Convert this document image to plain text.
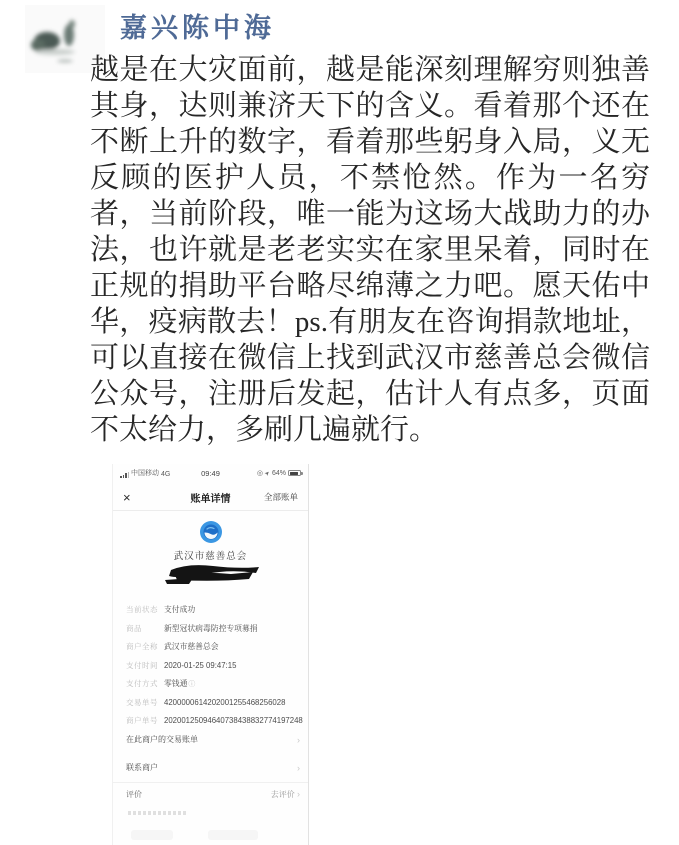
嘉兴陈中海
越是在大灾面前，越是能深刻理解穷则独善其身，达则兼济天下的含义。看着那个还在不断上升的数字，看着那些躬身入局，义无反顾的医护人员，不禁怆然。作为一名穷者，当前阶段，唯一能为这场大战助力的办法，也许就是老老实实在家里呆着，同时在正规的捐助平台略尽绵薄之力吧。愿天佑中华，疫病散去！ps.有朋友在咨询捐款地址，可以直接在微信上找到武汉市慈善总会微信公众号，注册后发起，估计人有点多，页面不太给力，多刷几遍就行。
中国移动 4G	09:49	◎ ➤ 64%
×	账单详情	全部账单
武汉市慈善总会
当前状态 支付成功
商品	新型冠状病毒防控专项募捐
商户全称 武汉市慈善总会
支付时间 2020-01-25 09:47:15
支付方式 零钱通 ⓘ
交易单号 4200000614202001255468256028
商户单号 20200125094640738438832774197248
在此商户的交易账单	›
联系商户	›
评价	去评价 ›
